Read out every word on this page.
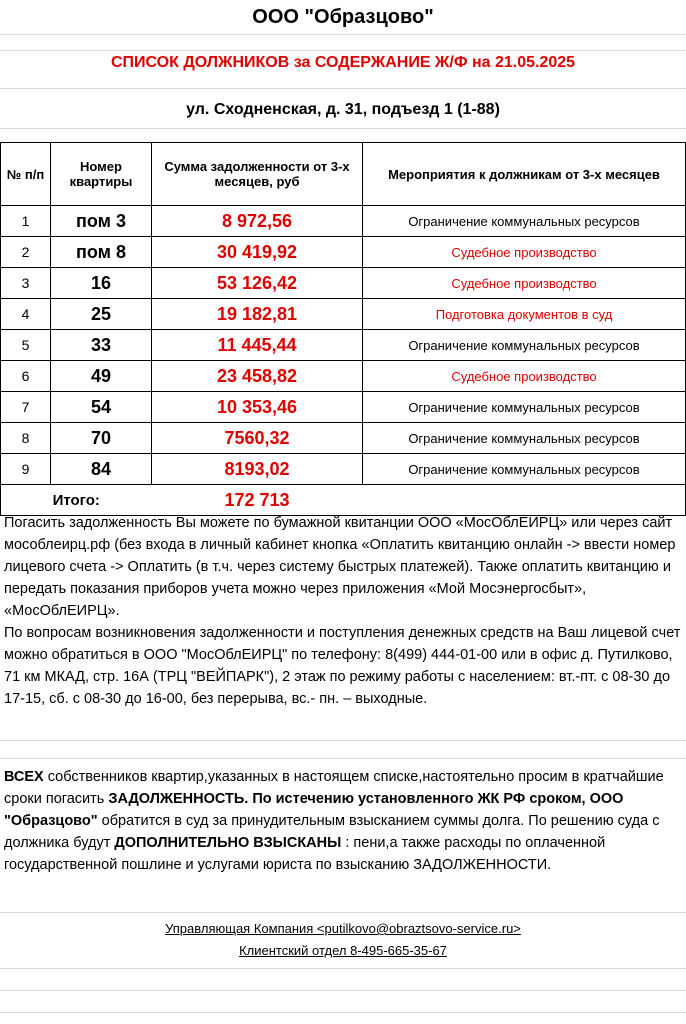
ООО "Образцово"
СПИСОК ДОЛЖНИКОВ за СОДЕРЖАНИЕ Ж/Ф на 21.05.2025
ул. Сходненская, д. 31, подъезд 1 (1-88)
№ п/п	Номер квартиры	Сумма задолженности от 3-х месяцев, руб	Мероприятия к должникам от 3-х месяцев
1	пом 3	8 972,56	Ограничение коммунальных ресурсов
2	пом 8	30 419,92	Судебное производство
3	16	53 126,42	Судебное производство
4	25	19 182,81	Подготовка документов в суд
5	33	11 445,44	Ограничение коммунальных ресурсов
6	49	23 458,82	Судебное производство
7	54	10 353,46	Ограничение коммунальных ресурсов
8	70	7560,32	Ограничение коммунальных ресурсов
9	84	8193,02	Ограничение коммунальных ресурсов
Итого:		172 713	
Погасить задолженность Вы можете по бумажной квитанции ООО «МосОблЕИРЦ» или через сайт мособлеирц.рф (без входа в личный кабинет кнопка «Оплатить квитанцию онлайн -> ввести номер лицевого счета -> Оплатить (в т.ч. через систему быстрых платежей). Также оплатить квитанцию и передать показания приборов учета можно через приложения «Мой Мосэнергосбыт», «МосОблЕИРЦ».
По вопросам возникновения задолженности и поступления денежных средств на Ваш лицевой счет можно обратиться в ООО "МосОблЕИРЦ" по телефону: 8(499) 444-01-00 или в офис д. Путилково, 71 км МКАД, стр. 16А (ТРЦ "ВЕЙПАРК"), 2 этаж по режиму работы с населением: вт.-пт. с 08-30 до 17-15, сб. с 08-30 до 16-00, без перерыва, вс.- пн. – выходные.
ВСЕХ собственников квартир,указанных в настоящем списке,настоятельно просим в кратчайшие сроки погасить ЗАДОЛЖЕННОСТЬ. По истечению установленного ЖК РФ сроком, ООО "Образцово" обратится в суд за принудительным взысканием суммы долга. По решению суда с должника будут ДОПОЛНИТЕЛЬНО ВЗЫСКАНЫ : пени,а также расходы по оплаченной государственной пошлине и услугами юриста по взысканию ЗАДОЛЖЕННОСТИ.
Управляющая Компания <putilkovo@obraztsovo-service.ru>
Клиентский отдел 8-495-665-35-67
